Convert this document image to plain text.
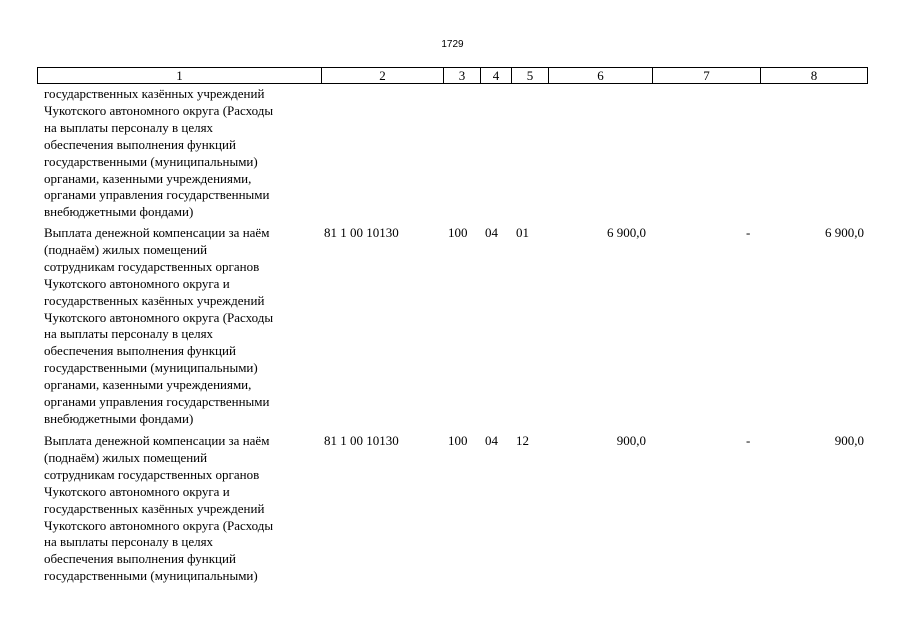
1729
1	2	3	4	5	6	7	8
государственных казённых учреждений
Чукотского автономного округа (Расходы
на выплаты персоналу в целях
обеспечения выполнения функций
государственными (муниципальными)
органами, казенными учреждениями,
органами управления государственными
внебюджетными фондами)
Выплата денежной компенсации за наём
(поднаём) жилых помещений
сотрудникам государственных органов
Чукотского автономного округа и
государственных казённых учреждений
Чукотского автономного округа (Расходы
на выплаты персоналу в целях
обеспечения выполнения функций
государственными (муниципальными)
органами, казенными учреждениями,
органами управления государственными
внебюджетными фондами)
81 1 00 10130	100 04 01	6 900,0	-	6 900,0
Выплата денежной компенсации за наём
(поднаём) жилых помещений
сотрудникам государственных органов
Чукотского автономного округа и
государственных казённых учреждений
Чукотского автономного округа (Расходы
на выплаты персоналу в целях
обеспечения выполнения функций
государственными (муниципальными)
81 1 00 10130	100 04 12	900,0	-	900,0
